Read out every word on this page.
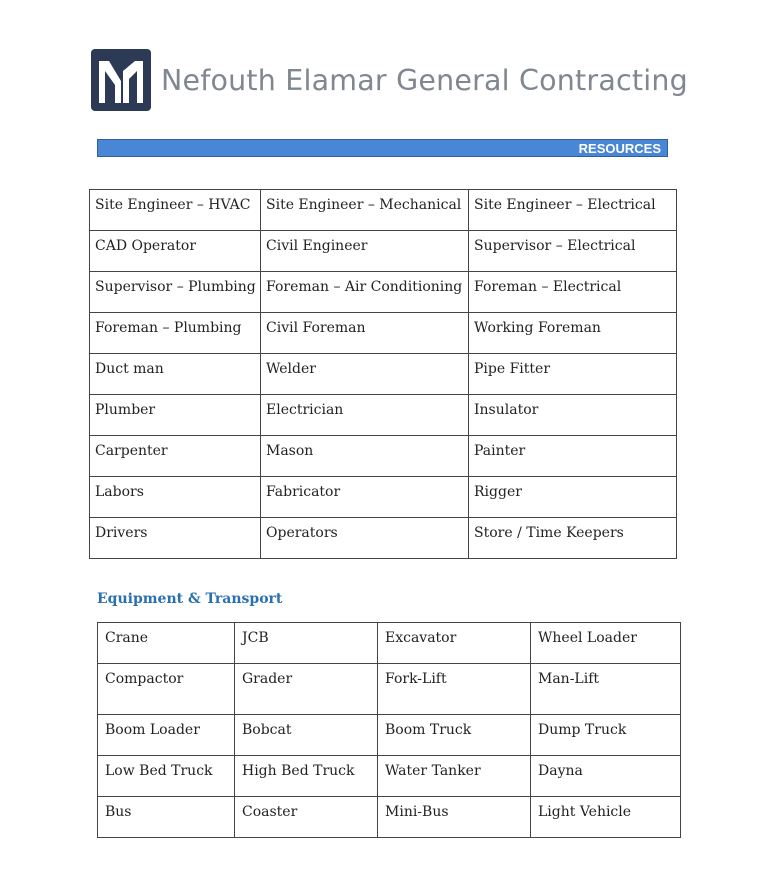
Nefouth Elamar General Contracting
RESOURCES
Site Engineer – HVAC	Site Engineer – Mechanical	Site Engineer – Electrical
CAD Operator	Civil Engineer	Supervisor – Electrical
Supervisor – Plumbing	Foreman – Air Conditioning	Foreman – Electrical
Foreman – Plumbing	Civil Foreman	Working Foreman
Duct man	Welder	Pipe Fitter
Plumber	Electrician	Insulator
Carpenter	Mason	Painter
Labors	Fabricator	Rigger
Drivers	Operators	Store / Time Keepers
Equipment & Transport
Crane	JCB	Excavator	Wheel Loader
Compactor	Grader	Fork-Lift	Man-Lift
Boom Loader	Bobcat	Boom Truck	Dump Truck
Low Bed Truck	High Bed Truck	Water Tanker	Dayna
Bus	Coaster	Mini-Bus	Light Vehicle
